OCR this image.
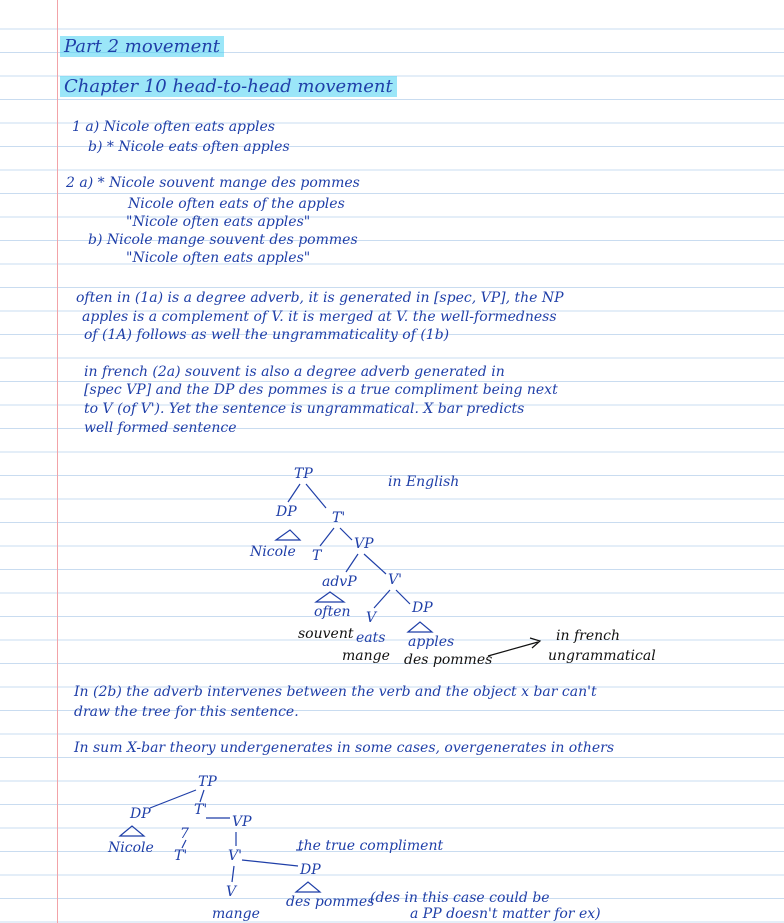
Part 2 movement
Chapter 10 head-to-head movement
1 a) Nicole often eats apples
b) * Nicole eats often apples
2 a) * Nicole souvent mange des pommes
Nicole often eats of the apples
"Nicole often eats apples"
b) Nicole mange souvent des pommes
"Nicole often eats apples"
often in (1a) is a degree adverb, it is generated in [spec, VP], the NP
apples is a complement of V. it is merged at V. the well-formedness
of (1A) follows as well the ungrammaticality of (1b)
in french (2a) souvent is also a degree adverb generated in
[spec VP] and the DP des pommes is a true compliment being next
to V (of V'). Yet the sentence is ungrammatical. X bar predicts
well formed sentence
TP	in English
DP	T'
Nicole T
VP
advP V'
often V
DP
souvent eats apples
mange des pommes
in french
ungrammatical
In (2b) the adverb intervenes between the verb and the object x bar can't
draw the tree for this sentence.
In sum X-bar theory undergenerates in some cases, overgenerates in others
TP
DP	T'
VP
7
Nicole T'	V'
the true compliment
DP
V
des pommes
(des in this case could be
mange	a PP doesn't matter for ex)
